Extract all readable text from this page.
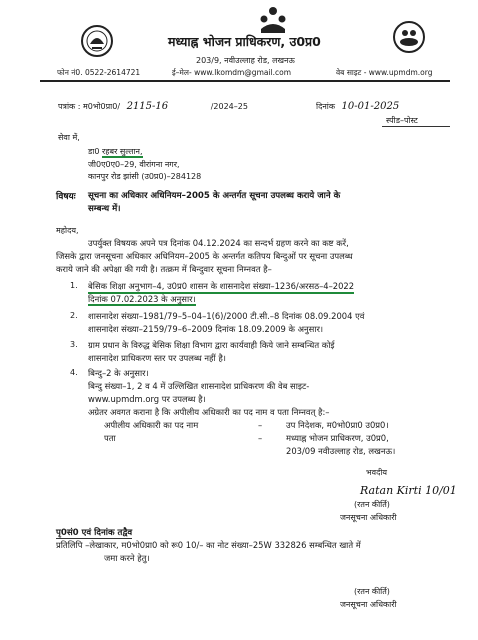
मध्याह्न भोजन प्राधिकरण, उ0प्र0
203/9, नवीउल्लाह रोड, लखनऊ
फोन नं0. 0522-2614721	ई–मेल- www.lkomdm@gmail.com	वेब साइट - www.upmdm.org
पत्रांक : म0भो0प्रा0/ 2115-16	/2024–25	दिनांक 10-01-2025
स्पीड–पोस्ट
सेवा में,
डा0 रहबर सुल्तान,
जी0ए0ए0–29, वीरांगना नगर,
कानपुर रोड झांसी (उ0प्र0)–284128
विषयः सूचना का अधिकार अधिनियम–2005 के अन्तर्गत सूचना उपलब्ध कराये जाने के
सम्बन्ध में।
महोदय,
उपर्युक्त विषयक अपने पत्र दिनांक 04.12.2024 का सन्दर्भ ग्रहण करने का कष्ट करें,
जिसके द्वारा जनसूचना अधिकार अधिनियम–2005 के अन्तर्गत कतिपय बिन्दुओं पर सूचना उपलब्ध
कराये जाने की अपेक्षा की गयी है। तत्क्रम में बिन्दुवार सूचना निम्नवत है–
1. बेसिक शिक्षा अनुभाग–4, उ0प्र0 शासन के शासनादेश संख्या–1236/अरसठ–4–2022
दिनांक 07.02.2023 के अनुसार।
2. शासनादेश संख्या–1981/79–5–04–1(6)/2000 टी.सी.–8 दिनांक 08.09.2004 एवं
शासनादेश संख्या–2159/79–6–2009 दिनांक 18.09.2009 के अनुसार।
3. ग्राम प्रधान के विरुद्ध बेसिक शिक्षा विभाग द्वारा कार्यवाही किये जाने सम्बन्धित कोई
शासनादेश प्राधिकरण स्तर पर उपलब्ध नहीं है।
4. बिन्दु–2 के अनुसार।
बिन्दु संख्या–1, 2 व 4 में उल्लिखित शासनादेश प्राधिकरण की वेब साइट-
www.upmdm.org पर उपलब्ध है।
अग्रेतर अवगत कराना है कि अपीलीय अधिकारी का पद नाम व पता निम्नवत् है:–
अपीलीय अधिकारी का पद नाम	–	उप निदेशक, म0भो0प्रा0 उ0प्र0।
पता	–	मध्याह्न भोजन प्राधिकरण, उ0प्र0,
203/09 नवीउल्लाह रोड, लखनऊ।
भवदीय
Ratan Kirti 10/01
(रतन कीर्ति)
जनसूचना अधिकारी
पृ0सं0 एवं दिनांक तद्वैव
प्रतिलिपि –लेखाकार, म0भो0प्रा0 को रू0 10/– का नोट संख्या–25W 332826 सम्बन्धित खाते में
जमा करने हेतु।
(रतन कीर्ति)
जनसूचना अधिकारी
